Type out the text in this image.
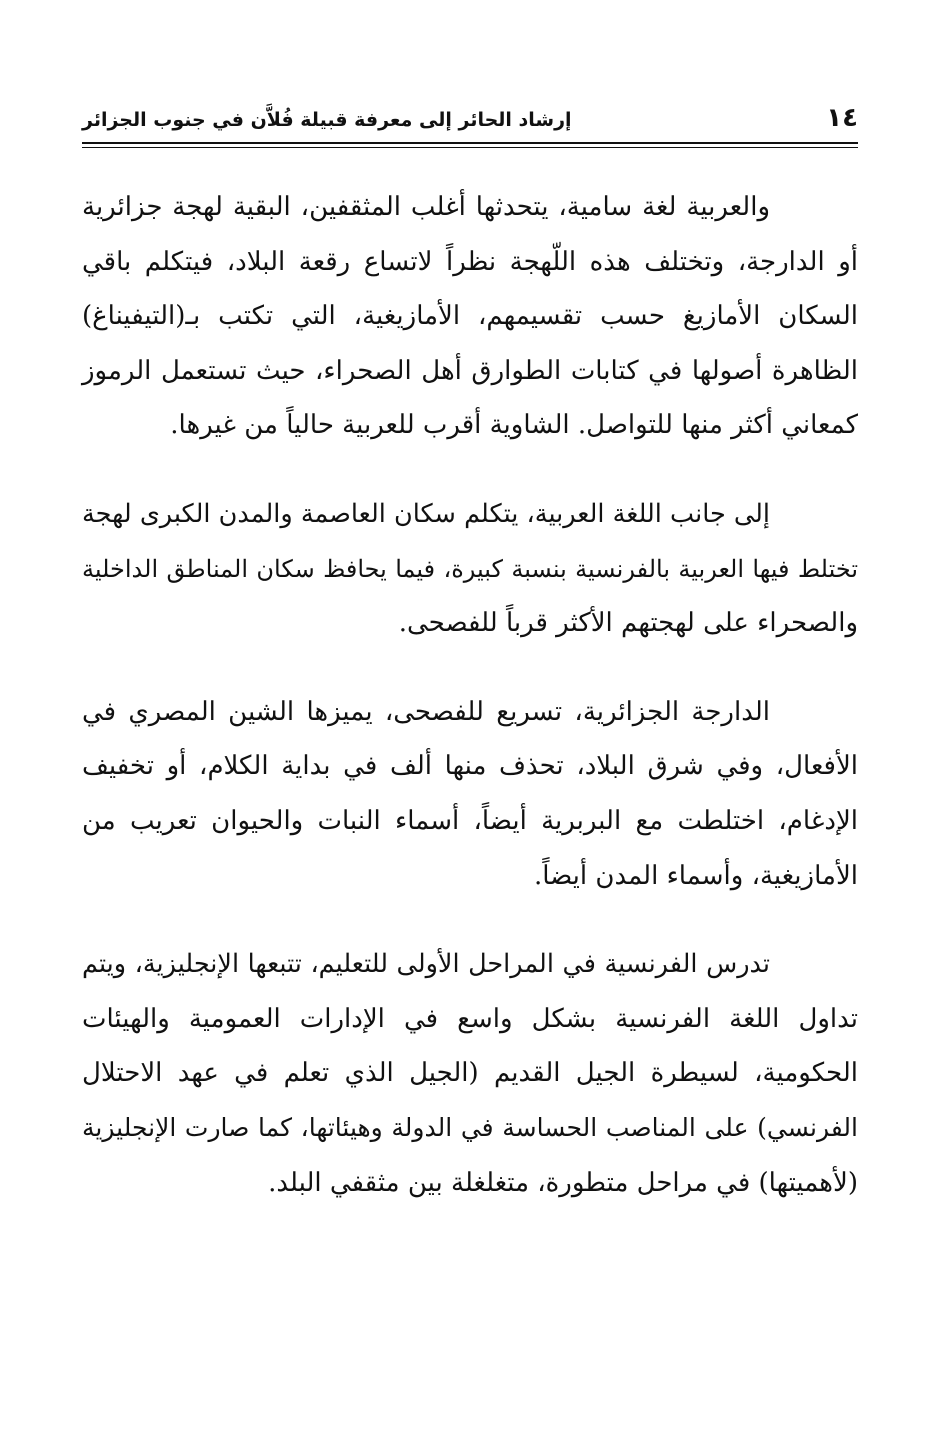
١٤
إرشاد الحائر إلى معرفة قبيلة فُلاَّن في جنوب الجزائر
والعربية لغة سامية، يتحدثها أغلب المثقفين، البقية لهجة جزائرية
أو الدارجة، وتختلف هذه اللّهجة نظراً لاتساع رقعة البلاد، فيتكلم باقي
السكان الأمازيغ حسب تقسيمهم، الأمازيغية، التي تكتب بـ(التيفيناغ)
الظاهرة أصولها في كتابات الطوارق أهل الصحراء، حيث تستعمل الرموز
كمعاني أكثر منها للتواصل. الشاوية أقرب للعربية حالياً من غيرها.
إلى جانب اللغة العربية، يتكلم سكان العاصمة والمدن الكبرى لهجة
تختلط فيها العربية بالفرنسية بنسبة كبيرة، فيما يحافظ سكان المناطق الداخلية
والصحراء على لهجتهم الأكثر قرباً للفصحى.
الدارجة الجزائرية، تسريع للفصحى، يميزها الشين المصري في
الأفعال، وفي شرق البلاد، تحذف منها ألف في بداية الكلام، أو تخفيف
الإدغام، اختلطت مع البربرية أيضاً، أسماء النبات والحيوان تعريب من
الأمازيغية، وأسماء المدن أيضاً.
تدرس الفرنسية في المراحل الأولى للتعليم، تتبعها الإنجليزية، ويتم
تداول اللغة الفرنسية بشكل واسع في الإدارات العمومية والهيئات
الحكومية، لسيطرة الجيل القديم (الجيل الذي تعلم في عهد الاحتلال
الفرنسي) على المناصب الحساسة في الدولة وهيئاتها، كما صارت الإنجليزية
(لأهميتها) في مراحل متطورة، متغلغلة بين مثقفي البلد.
